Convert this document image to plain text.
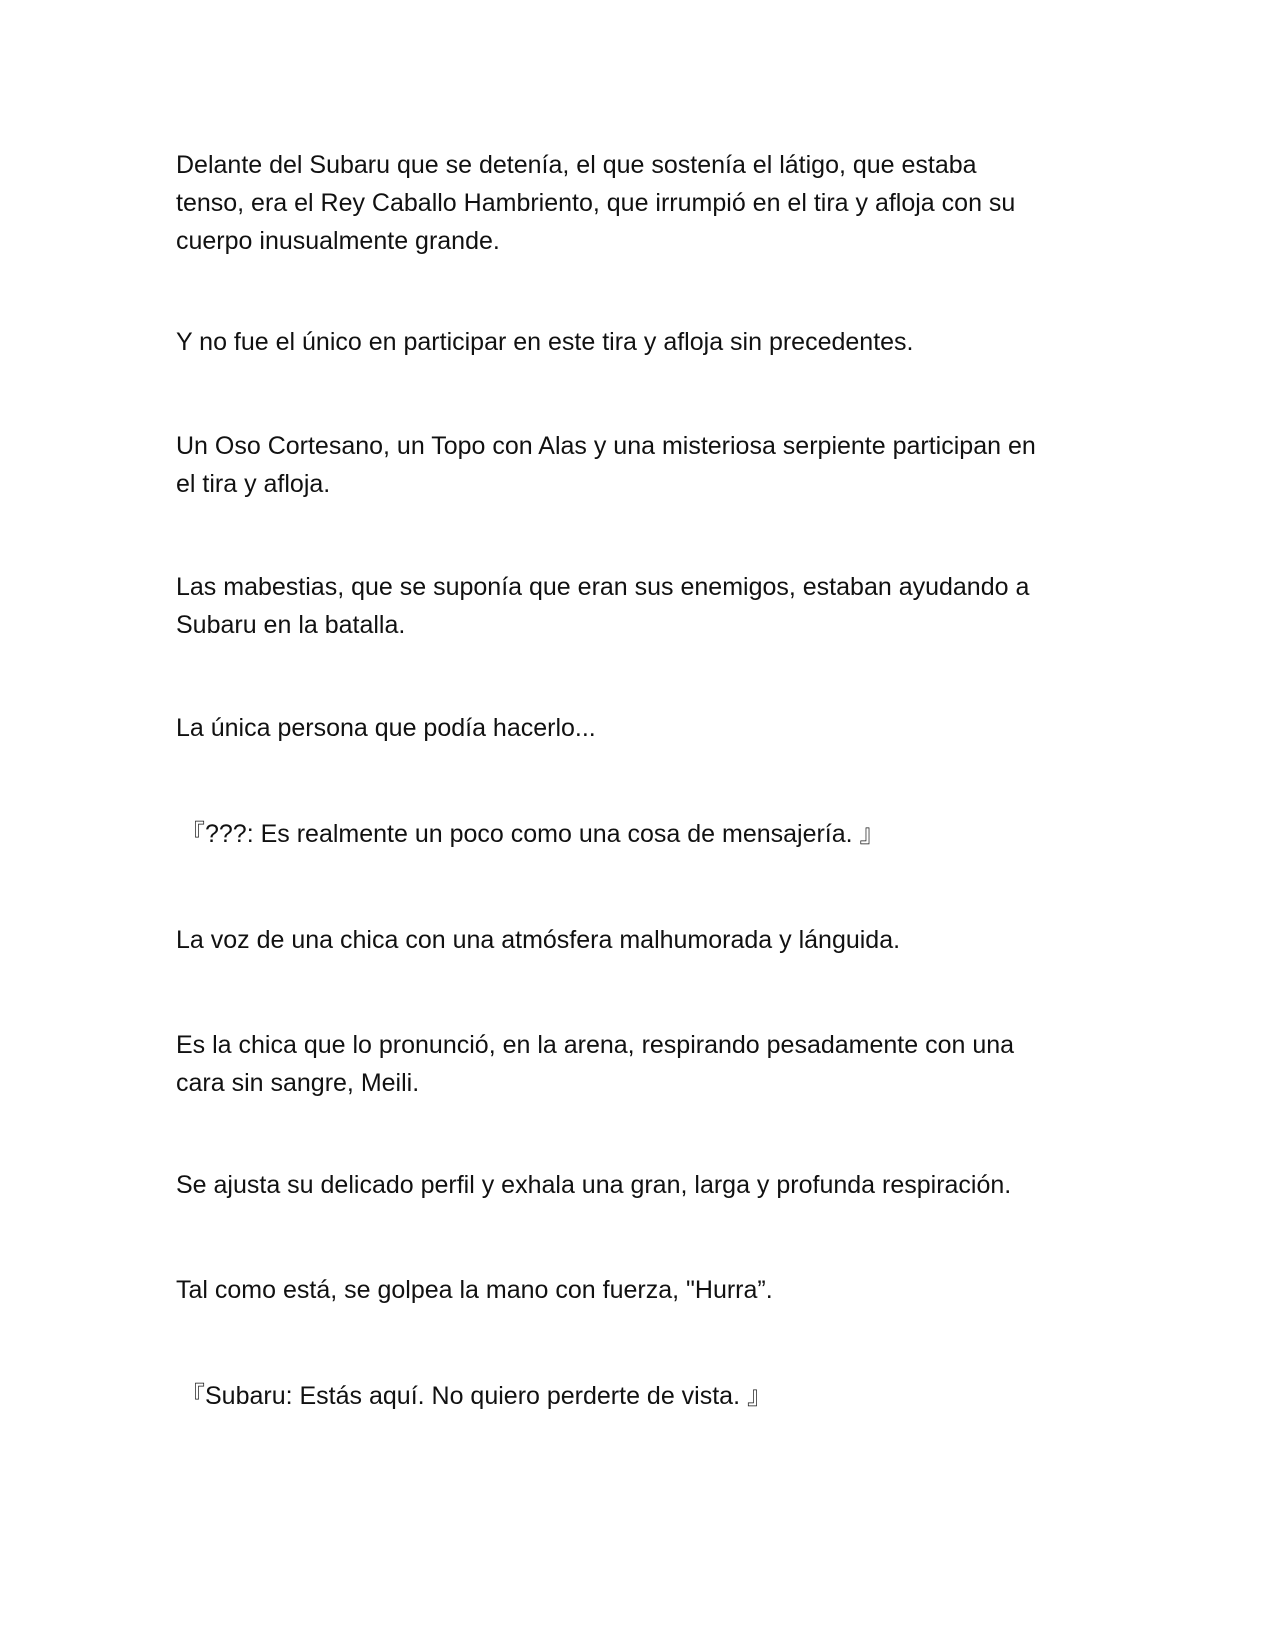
Delante del Subaru que se detenía, el que sostenía el látigo, que estaba
tenso, era el Rey Caballo Hambriento, que irrumpió en el tira y afloja con su
cuerpo inusualmente grande.

Y no fue el único en participar en este tira y afloja sin precedentes.

Un Oso Cortesano, un Topo con Alas y una misteriosa serpiente participan en
el tira y afloja.

Las mabestias, que se suponía que eran sus enemigos, estaban ayudando a
Subaru en la batalla.

La única persona que podía hacerlo...

『???: Es realmente un poco como una cosa de mensajería. 』

La voz de una chica con una atmósfera malhumorada y lánguida.

Es la chica que lo pronunció, en la arena, respirando pesadamente con una
cara sin sangre, Meili.

Se ajusta su delicado perfil y exhala una gran, larga y profunda respiración.

Tal como está, se golpea la mano con fuerza, "Hurra”.

『Subaru: Estás aquí. No quiero perderte de vista. 』
